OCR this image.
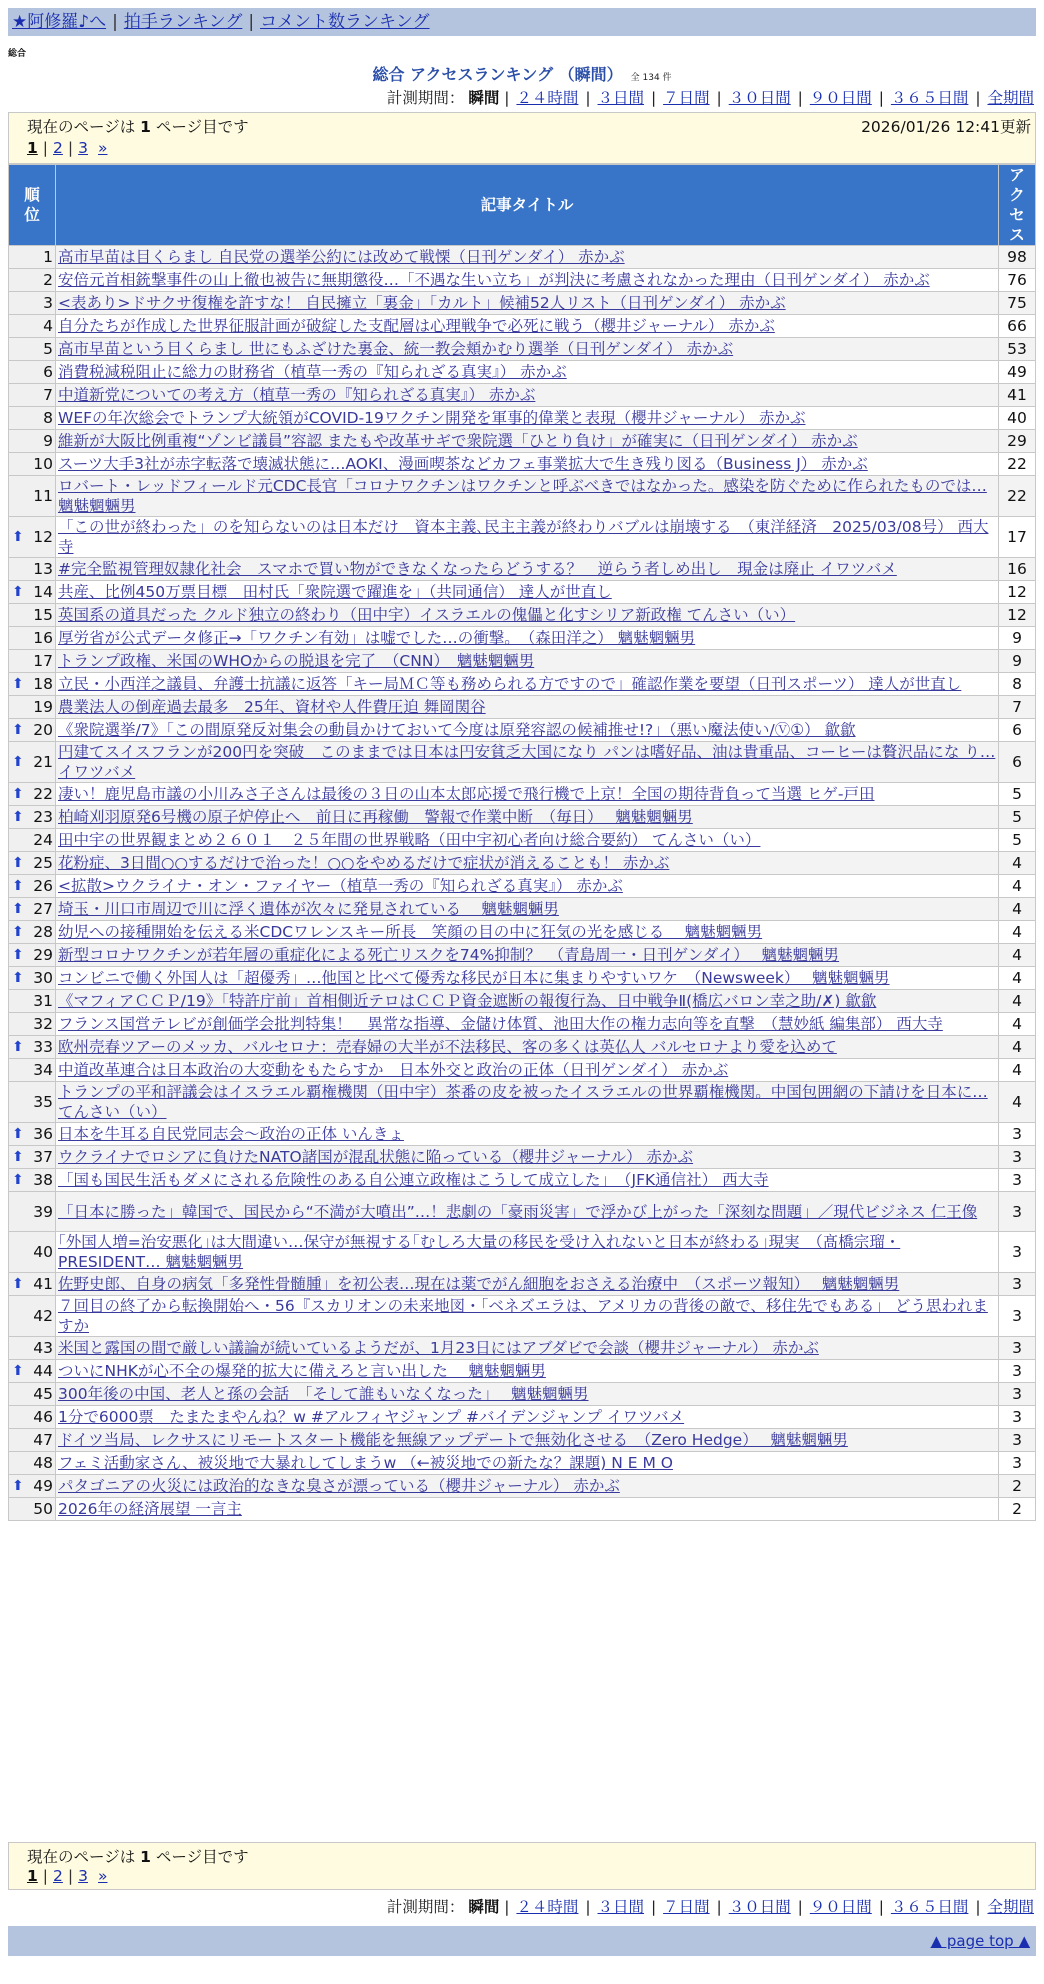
★阿修羅♪へ | 拍手ランキング | コメント数ランキング
総合
総合 アクセスランキング （瞬間） 全 134 件
計測期間： 瞬間 | ２４時間 | ３日間 | ７日間 | ３０日間 | ９０日間 | ３６５日間 | 全期間
現在のページは 1 ページ目です	2026/01/26 12:41更新
1 | 2 | 3 »
順位	記事タイトル	アクセス
1	高市早苗は目くらまし 自民党の選挙公約には改めて戦慄（日刊ゲンダイ） 赤かぶ	98
2	安倍元首相銃撃事件の山上徹也被告に無期懲役…「不遇な生い立ち」が判決に考慮されなかった理由（日刊ゲンダイ） 赤かぶ	76
3	<表あり>ドサクサ復権を許すな！ 自民擁立「裏金」「カルト」候補52人リスト（日刊ゲンダイ） 赤かぶ	75
4	自分たちが作成した世界征服計画が破綻した支配層は心理戦争で必死に戦う（櫻井ジャーナル） 赤かぶ	66
5	高市早苗という目くらまし 世にもふざけた裏金、統一教会頬かむり選挙（日刊ゲンダイ） 赤かぶ	53
6	消費税減税阻止に総力の財務省（植草一秀の『知られざる真実』） 赤かぶ	49
7	中道新党についての考え方（植草一秀の『知られざる真実』） 赤かぶ	41
8	WEFの年次総会でトランプ大統領がCOVID-19ワクチン開発を軍事的偉業と表現（櫻井ジャーナル） 赤かぶ	40
9	維新が大阪比例重複“ゾンビ議員”容認 またもや改革サギで衆院選「ひとり負け」が確実に（日刊ゲンダイ） 赤かぶ	29
10	スーツ大手3社が赤字転落で壊滅状態に…AOKI、漫画喫茶などカフェ事業拡大で生き残り図る（Business J） 赤かぶ	22
11	ロバート・レッドフィールド元CDC長官「コロナワクチンはワクチンと呼ぶべきではなかった。感染を防ぐために作られたものでは… 魑魅魍魎男	22

⬆ 12	「この世が終わった」のを知らないのは日本だけ　資本主義､民主主義が終わりバブルは崩壊する　（東洋経済　2025/03/08号） 西大寺	17
13	#完全監視管理奴隷化社会　スマホで買い物ができなくなったらどうする？　逆らう者しめ出し　現金は廃止 イワツバメ	16

⬆ 14	共産、比例450万票目標　田村氏「衆院選で躍進を」（共同通信） 達人が世直し	12
15	英国系の道具だった クルド独立の終わり（田中宇）イスラエルの傀儡と化すシリア新政権 てんさい（い）	12
16	厚労省が公式データ修正→「ワクチン有効」は嘘でした…の衝撃。　（森田洋之） 魑魅魍魎男	9
17	トランプ政権、米国のWHOからの脱退を完了　（CNN）　魑魅魍魎男	9

⬆ 18	立民・小西洋之議員、弁護士抗議に返答「キー局ＭＣ等も務められる方ですので」確認作業を要望（日刊スポーツ） 達人が世直し	8
19	農業法人の倒産過去最多　25年、資材や人件費圧迫 舞岡関谷	7

⬆ 20	《衆院選挙/7》「この間原発反対集会の動員かけておいて今度は原発容認の候補推せ!?」（悪い魔法使い/Ⓥ①） 歙歙	6

⬆ 21	円建てスイスフランが200円を突破　このままでは日本は円安貧乏大国になり パンは嗜好品、油は貴重品、コーヒーは贅沢品にな り… イワツバメ	6

⬆ 22	凄い！鹿児島市議の小川みさ子さんは最後の３日の山本太郎応援で飛行機で上京！全国の期待背負って当選 ヒゲ-戸田	5

⬆ 23	柏崎刈羽原発6号機の原子炉停止へ　前日に再稼働　警報で作業中断　（毎日）　 魑魅魍魎男	5
24	田中宇の世界観まとめ２６０１　２５年間の世界戦略（田中宇初心者向け総合要約） てんさい（い）	5

⬆ 25	花粉症、3日間○○するだけで治った！○○をやめるだけで症状が消えることも！ 赤かぶ	4

⬆ 26	<拡散>ウクライナ・オン・ファイヤー（植草一秀の『知られざる真実』） 赤かぶ	4

⬆ 27	埼玉・川口市周辺で川に浮く遺体が次々に発見されている　 魑魅魍魎男	4

⬆ 28	幼児への接種開始を伝える米CDCワレンスキー所長　笑顔の目の中に狂気の光を感じる　 魑魅魍魎男	4

⬆ 29	新型コロナワクチンが若年層の重症化による死亡リスクを74%抑制？　（青島周一・日刊ゲンダイ）　 魑魅魍魎男	4

⬆ 30	コンビニで働く外国人は「超優秀」…他国と比べて優秀な移民が日本に集まりやすいワケ　（Newsweek）　 魑魅魍魎男	4
31	《マフィアＣＣＰ/19》「特許庁前」首相側近テロはＣＣＰ資金遮断の報復行為、日中戦争Ⅱ(橋広バロン幸之助/✗) 歙歙	4
32	フランス国営テレビが創価学会批判特集！　異常な指導、金儲け体質、池田大作の権力志向等を直撃　（慧妙紙 編集部） 西大寺	4

⬆ 33	欧州売春ツアーのメッカ、バルセロナ：売春婦の大半が不法移民、客の多くは英仏人 バルセロナより愛を込めて	4
34	中道改革連合は日本政治の大変動をもたらすか　日本外交と政治の正体（日刊ゲンダイ） 赤かぶ	4
35	トランプの平和評議会はイスラエル覇権機関（田中宇）茶番の皮を被ったイスラエルの世界覇権機関。中国包囲網の下請けを日本に… てんさい（い）	4

⬆ 36	日本を牛耳る自民党同志会～政治の正体 いんきょ	3

⬆ 37	ウクライナでロシアに負けたNATO諸国が混乱状態に陥っている（櫻井ジャーナル） 赤かぶ	3

⬆ 38	「国も国民生活もダメにされる危険性のある自公連立政権はこうして成立した」　（JFK通信社） 西大寺	3
39	「日本に勝った」韓国で、国民から“不満が大噴出”…！悲劇の「豪雨災害」で浮かび上がった「深刻な問題」／現代ビジネス 仁王像	3
40	｢外国人増=治安悪化｣は大間違い…保守が無視する｢むしろ大量の移民を受け入れないと日本が終わる｣現実　（髙橋宗瑠・PRESIDENT… 魑魅魍魎男	3

⬆ 41	佐野史郎、自身の病気「多発性骨髄腫」を初公表…現在は薬でがん細胞をおさえる治療中　（スポーツ報知）　 魑魅魍魎男	3
42	７回目の終了から転換開始へ・56『スカリオンの未来地図・「ベネズエラは、アメリカの背後の敵で、移住先でもある」 どう思われますか	3
43	米国と露国の間で厳しい議論が続いているようだが、1月23日にはアブダビで会談（櫻井ジャーナル） 赤かぶ	3

⬆ 44	ついにNHKが心不全の爆発的拡大に備えろと言い出した　 魑魅魍魎男	3
45	300年後の中国、老人と孫の会話　「そして誰もいなくなった」　 魑魅魍魎男	3
46	1分で6000票　たまたまやんね？w #アルフィヤジャンプ #バイデンジャンプ イワツバメ	3
47	ドイツ当局、レクサスにリモートスタート機能を無線アップデートで無効化させる　（Zero Hedge）　 魑魅魍魎男	3
48	フェミ活動家さん、被災地で大暴れしてしまうw （←被災地での新たな？課題) N E M O	3

⬆ 49	パタゴニアの火災には政治的なきな臭さが漂っている（櫻井ジャーナル） 赤かぶ	2
50	2026年の経済展望 一言主	2
現在のページは 1 ページ目です
1 | 2 | 3 »
計測期間： 瞬間 | ２４時間 | ３日間 | ７日間 | ３０日間 | ９０日間 | ３６５日間 | 全期間
▲ page top ▲
